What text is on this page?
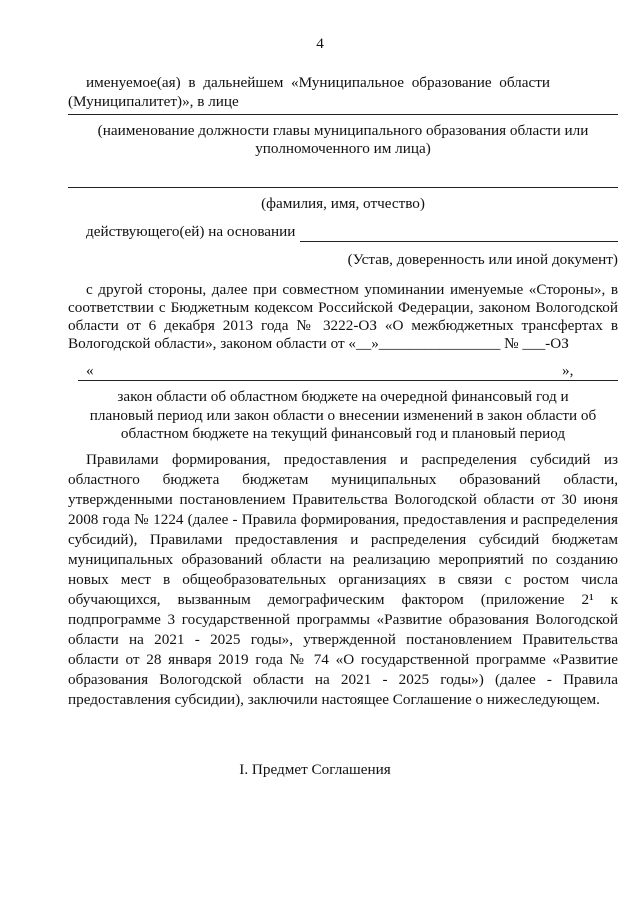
4
именуемое(ая) в дальнейшем «Муниципальное образование области
(Муниципалитет)», в лице
(наименование должности главы муниципального образования области или
уполномоченного им лица)
(фамилия, имя, отчество)
действующего(ей) на основании
(Устав, доверенность или иной документ)
с другой стороны, далее при совместном упоминании именуемые «Стороны», в
соответствии с Бюджетным кодексом Российской Федерации, законом Вологодской
области от 6 декабря 2013 года № 3222-ОЗ «О межбюджетных трансфертах в
Вологодской области», законом области от «__»________________ № ___-ОЗ
«	»,
закон области об областном бюджете на очередной финансовый год и
плановый период или закон области о внесении изменений в закон области об
областном бюджете на текущий финансовый год и плановый период
Правилами формирования, предоставления и распределения субсидий из
областного бюджета бюджетам муниципальных образований области,
утвержденными постановлением Правительства Вологодской области от 30 июня
2008 года № 1224 (далее - Правила формирования, предоставления и распределения
субсидий), Правилами предоставления и распределения субсидий бюджетам
муниципальных образований области на реализацию мероприятий по созданию
новых мест в общеобразовательных организациях в связи с ростом числа
обучающихся, вызванным демографическим фактором (приложение 2¹ к
подпрограмме 3 государственной программы «Развитие образования Вологодской
области на 2021 - 2025 годы», утвержденной постановлением Правительства
области от 28 января 2019 года № 74 «О государственной программе «Развитие
образования Вологодской области на 2021 - 2025 годы») (далее - Правила
предоставления субсидии), заключили настоящее Соглашение о нижеследующем.
I. Предмет Соглашения
